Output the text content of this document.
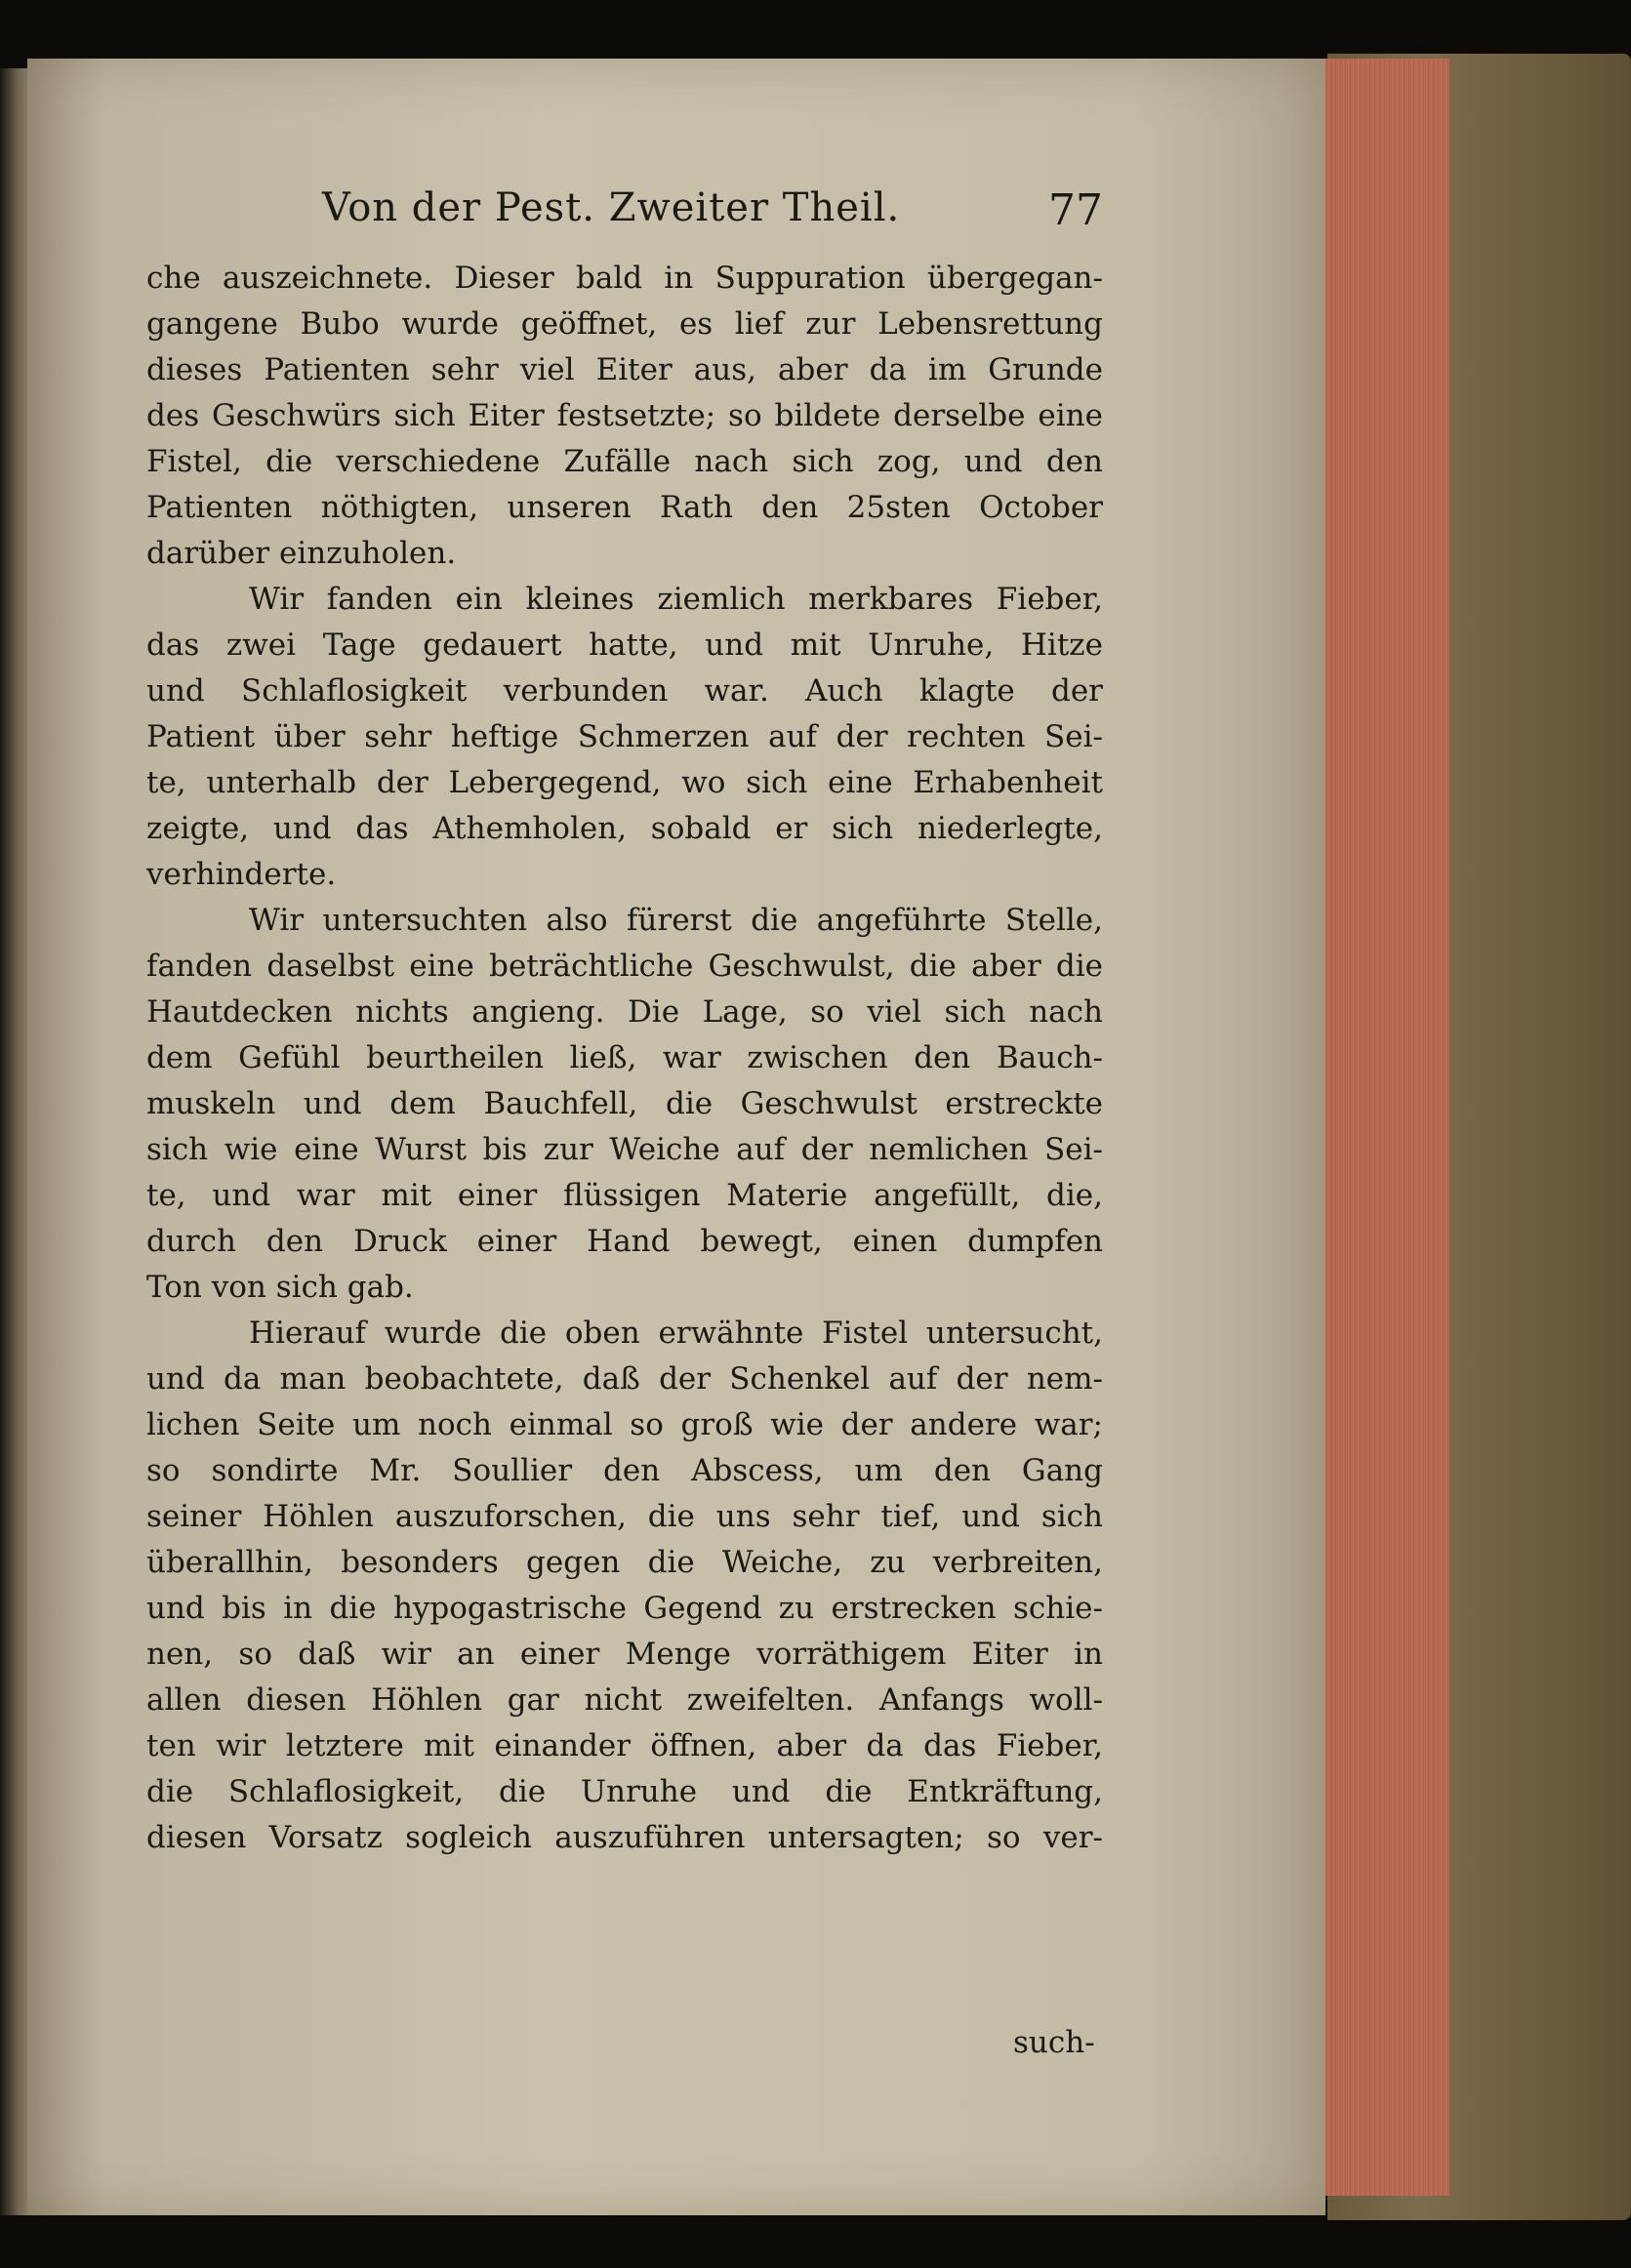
Von der Pest. Zweiter Theil.	77
che auszeichnete. Dieser bald in Suppuration übergegan-
gangene Bubo wurde geöffnet, es lief zur Lebensrettung
dieses Patienten sehr viel Eiter aus, aber da im Grunde
des Geschwürs sich Eiter festsetzte; so bildete derselbe eine
Fistel, die verschiedene Zufälle nach sich zog, und den
Patienten nöthigten, unseren Rath den 25sten October
darüber einzuholen.
Wir fanden ein kleines ziemlich merkbares Fieber,
das zwei Tage gedauert hatte, und mit Unruhe, Hitze
und Schlaflosigkeit verbunden war. Auch klagte der
Patient über sehr heftige Schmerzen auf der rechten Sei-
te, unterhalb der Lebergegend, wo sich eine Erhabenheit
zeigte, und das Athemholen, sobald er sich niederlegte,
verhinderte.
Wir untersuchten also fürerst die angeführte Stelle,
fanden daselbst eine beträchtliche Geschwulst, die aber die
Hautdecken nichts angieng. Die Lage, so viel sich nach
dem Gefühl beurtheilen ließ, war zwischen den Bauch-
muskeln und dem Bauchfell, die Geschwulst erstreckte
sich wie eine Wurst bis zur Weiche auf der nemlichen Sei-
te, und war mit einer flüssigen Materie angefüllt, die,
durch den Druck einer Hand bewegt, einen dumpfen
Ton von sich gab.
Hierauf wurde die oben erwähnte Fistel untersucht,
und da man beobachtete, daß der Schenkel auf der nem-
lichen Seite um noch einmal so groß wie der andere war;
so sondirte Mr. Soullier den Abscess, um den Gang
seiner Höhlen auszuforschen, die uns sehr tief, und sich
überallhin, besonders gegen die Weiche, zu verbreiten,
und bis in die hypogastrische Gegend zu erstrecken schie-
nen, so daß wir an einer Menge vorräthigem Eiter in
allen diesen Höhlen gar nicht zweifelten. Anfangs woll-
ten wir letztere mit einander öffnen, aber da das Fieber,
die Schlaflosigkeit, die Unruhe und die Entkräftung,
diesen Vorsatz sogleich auszuführen untersagten; so ver-
such-
